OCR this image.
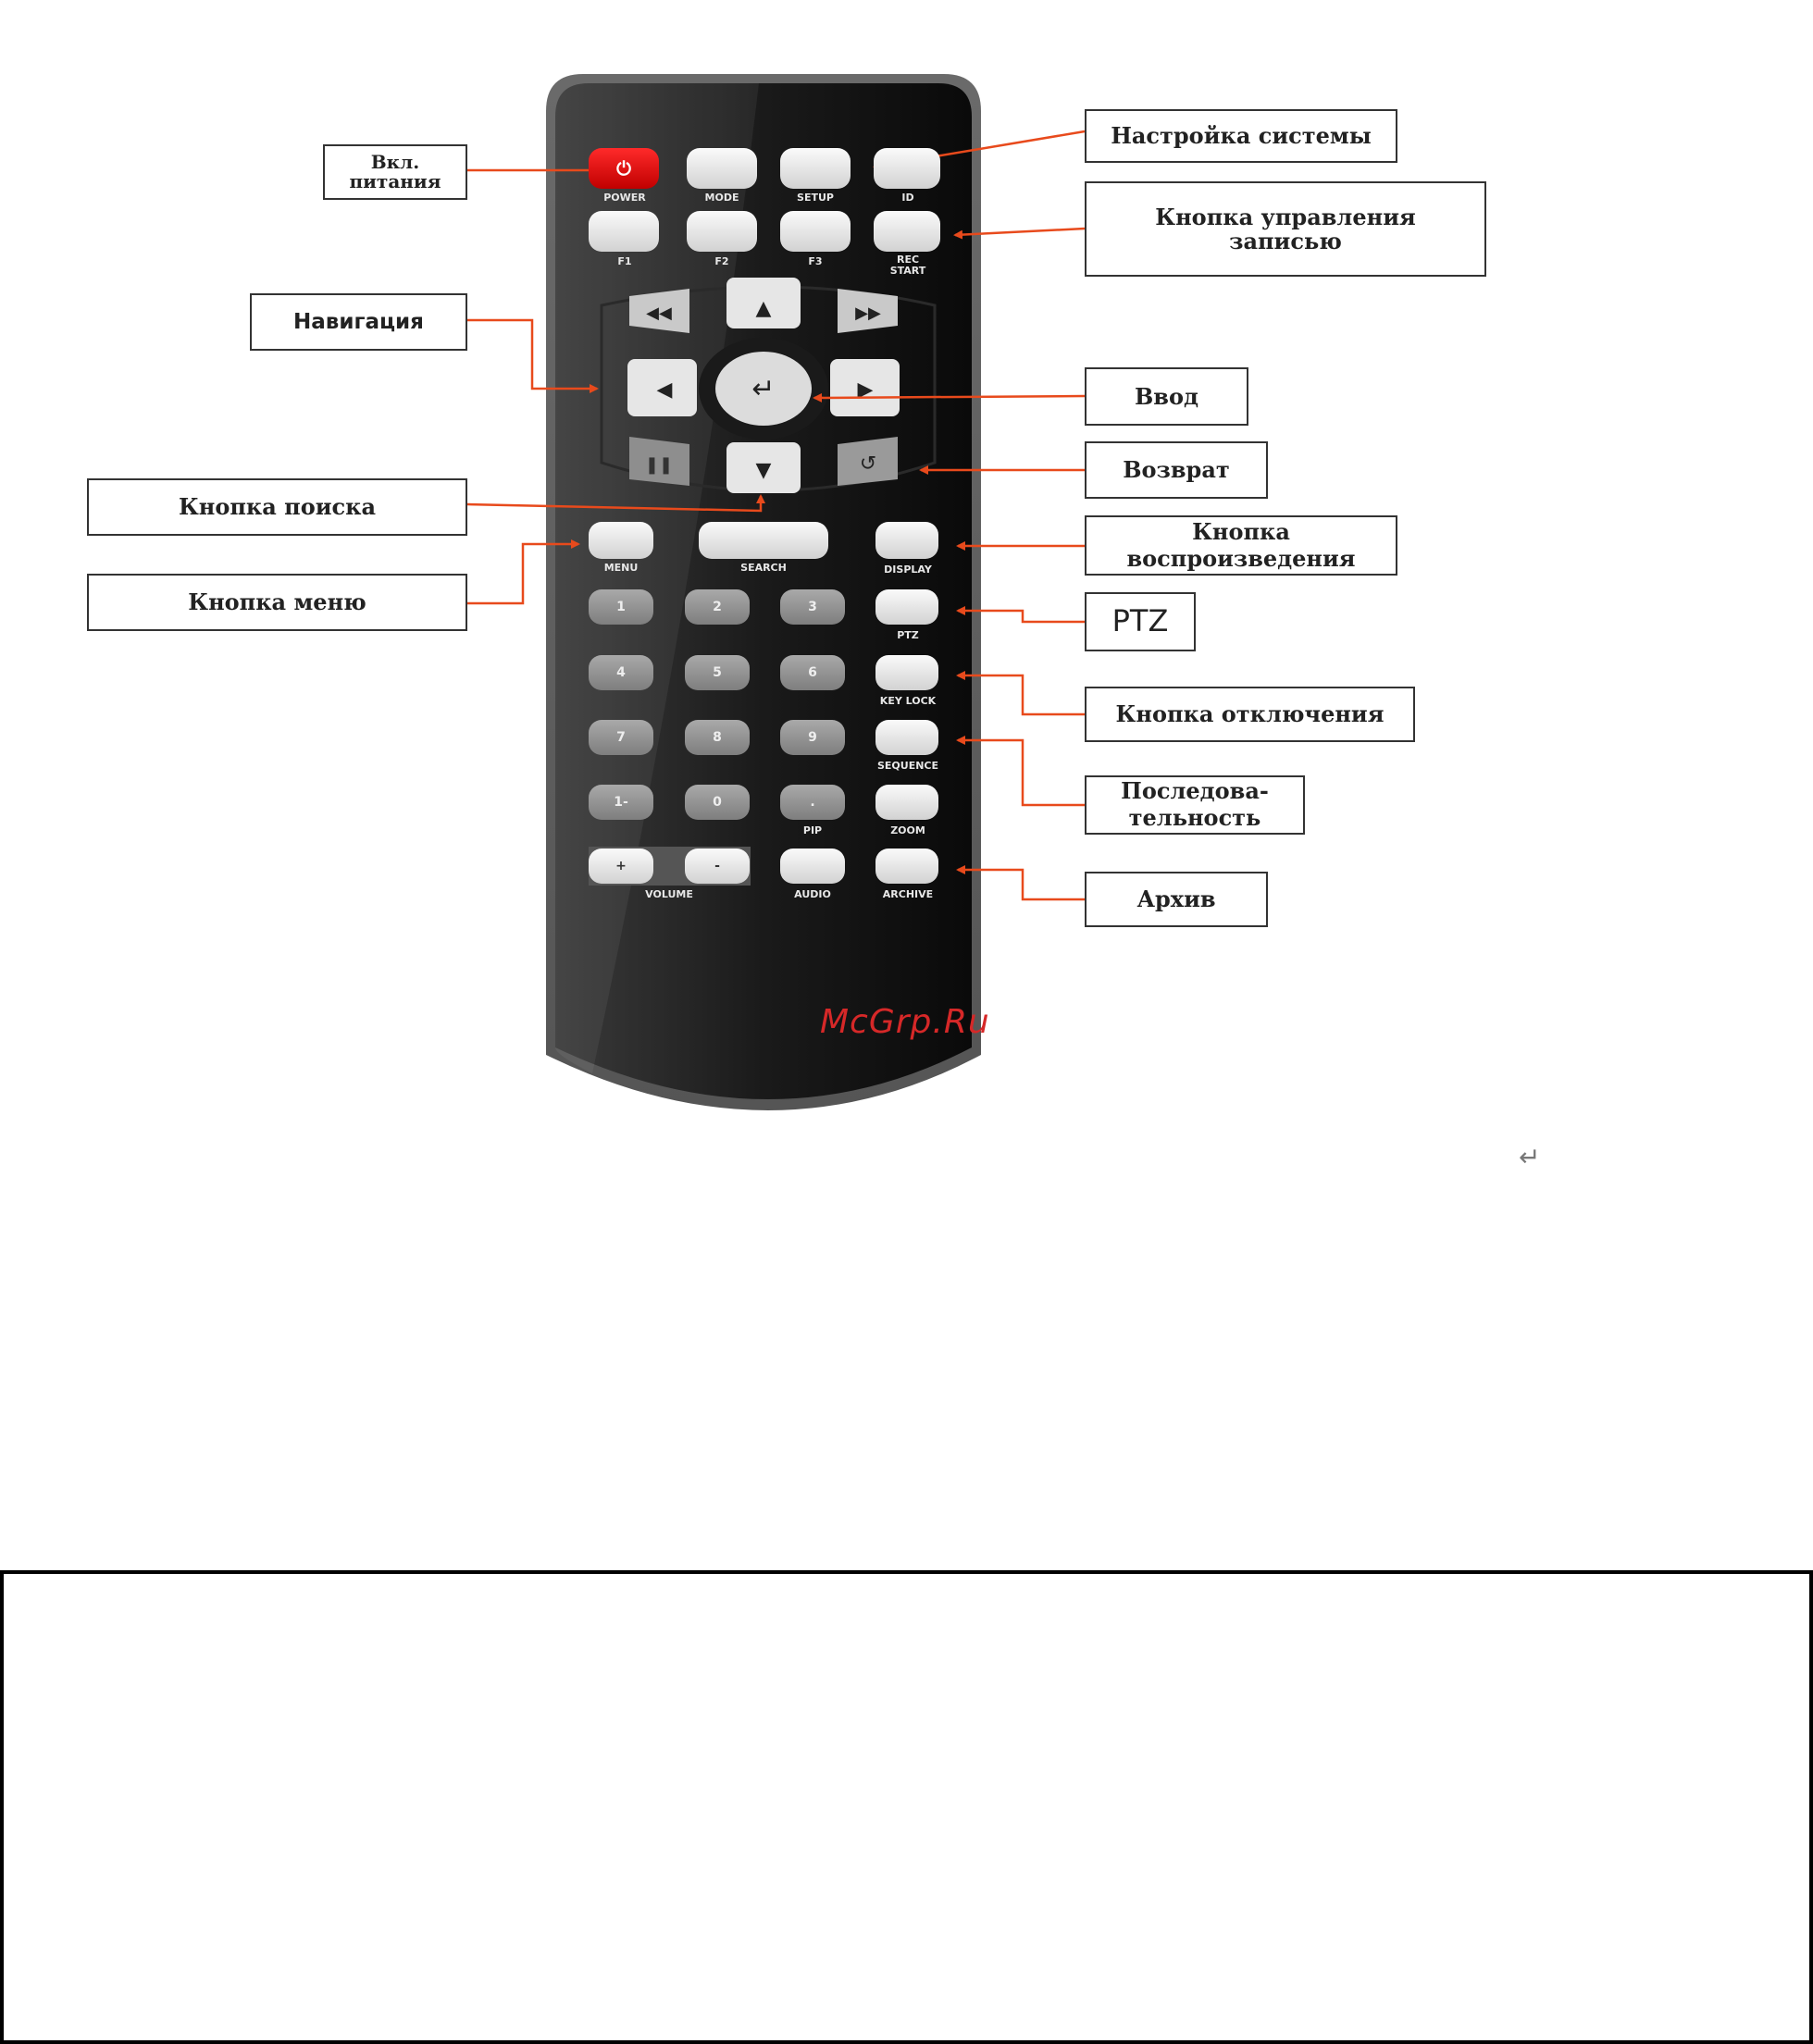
↵
▲
▼
◀	▶
◀◀	▶▶
❚❚	↺
⏻
POWER	MODE	SETUP	ID
F1	F2	F3	REC
START
MENU	SEARCH	DISPLAY
1	2	3
PTZ
4	5	6
KEY LOCK
7	8	9
SEQUENCE
1-	0	.
PIP	ZOOM
+	-
VOLUME	AUDIO	ARCHIVE
Вкл.
питания
Настройка системы
Кнопка управления
записью
Навигация
Ввод
Возврат
Кнопка поиска
Кнопка
воспроизведения
Кнопка меню
PTZ
Кнопка отключения
Последова-
тельность
Архив
McGrp.Ru
↵
